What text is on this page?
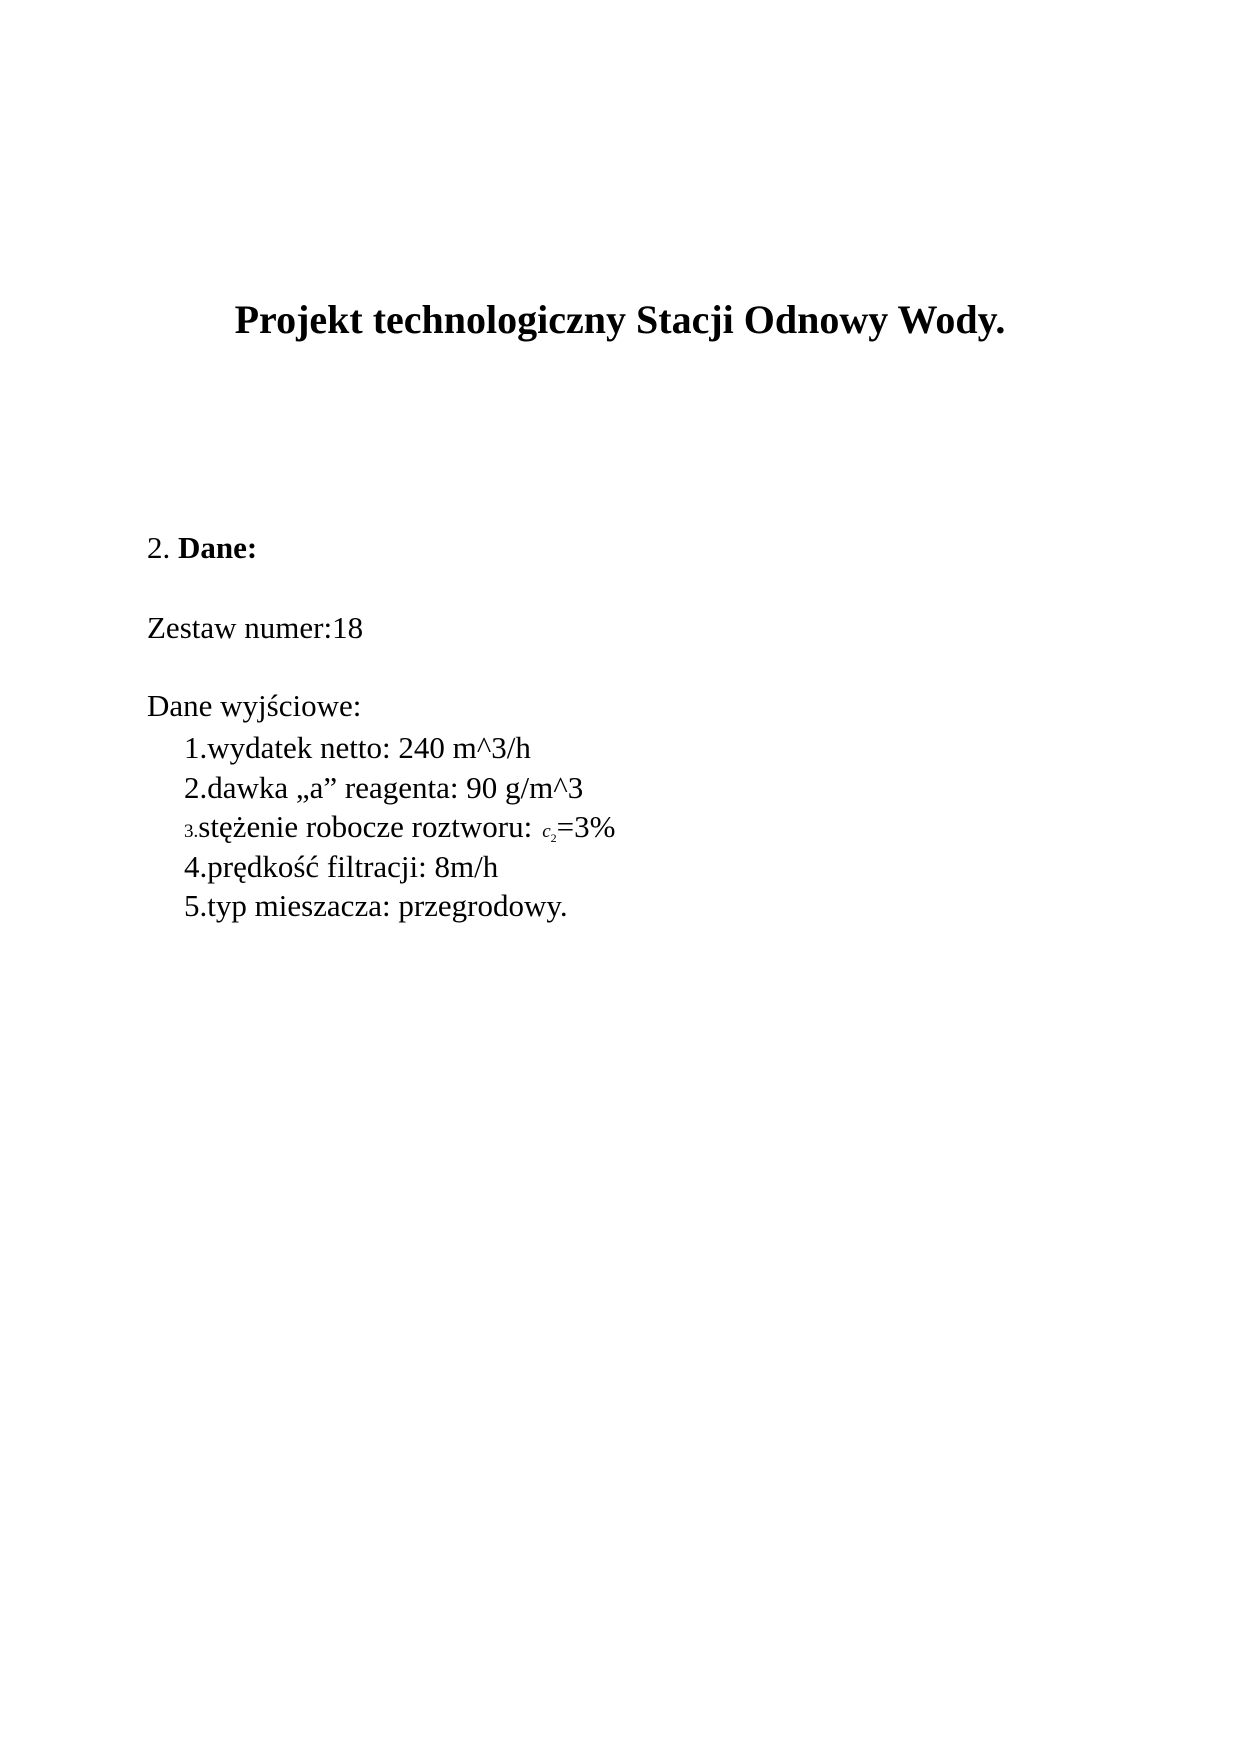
Projekt technologiczny Stacji Odnowy Wody.
2. Dane:

Zestaw numer:18

Dane wyjściowe:

1.wydatek netto: 240 m^3/h
2.dawka „a” reagenta: 90 g/m^3
3.stężenie robocze roztworu: $c_2=3\%$
4.prędkość filtracji: 8m/h
5.typ mieszacza: przegrodowy.
